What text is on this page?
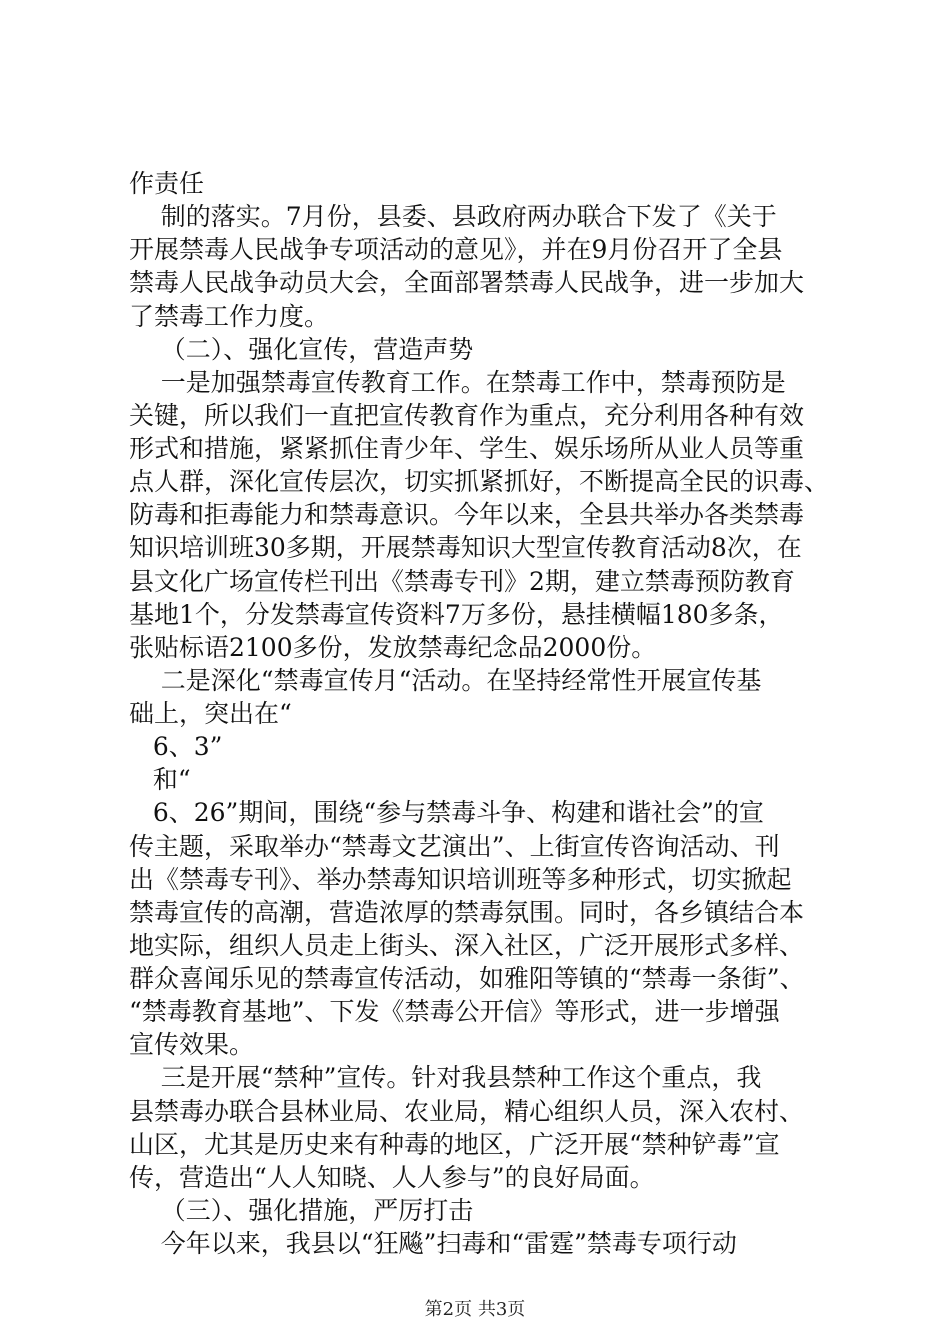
作责任
制的落实。7月份，县委、县政府两办联合下发了《关于
开展禁毒人民战争专项活动的意见》，并在9月份召开了全县
禁毒人民战争动员大会，全面部署禁毒人民战争，进一步加大
了禁毒工作力度。
（二）、强化宣传，营造声势
一是加强禁毒宣传教育工作。在禁毒工作中，禁毒预防是
关键，所以我们一直把宣传教育作为重点，充分利用各种有效
形式和措施，紧紧抓住青少年、学生、娱乐场所从业人员等重
点人群，深化宣传层次，切实抓紧抓好，不断提高全民的识毒、
防毒和拒毒能力和禁毒意识。今年以来，全县共举办各类禁毒
知识培训班30多期，开展禁毒知识大型宣传教育活动8次，在
县文化广场宣传栏刊出《禁毒专刊》2期，建立禁毒预防教育
基地1个，分发禁毒宣传资料7万多份，悬挂横幅180多条，
张贴标语2100多份，发放禁毒纪念品2000份。
二是深化“禁毒宣传月“活动。在坚持经常性开展宣传基
础上，突出在“
6、3”
和“
6、26”期间，围绕“参与禁毒斗争、构建和谐社会”的宣
传主题，采取举办“禁毒文艺演出”、上街宣传咨询活动、刊
出《禁毒专刊》、举办禁毒知识培训班等多种形式，切实掀起
禁毒宣传的高潮，营造浓厚的禁毒氛围。同时，各乡镇结合本
地实际，组织人员走上街头、深入社区，广泛开展形式多样、
群众喜闻乐见的禁毒宣传活动，如雅阳等镇的“禁毒一条街”、
“禁毒教育基地”、下发《禁毒公开信》等形式，进一步增强
宣传效果。
三是开展“禁种”宣传。针对我县禁种工作这个重点，我
县禁毒办联合县林业局、农业局，精心组织人员，深入农村、
山区，尤其是历史来有种毒的地区，广泛开展“禁种铲毒”宣
传，营造出“人人知晓、人人参与”的良好局面。
（三）、强化措施，严厉打击
今年以来，我县以“狂飚”扫毒和“雷霆”禁毒专项行动
第2页 共3页
